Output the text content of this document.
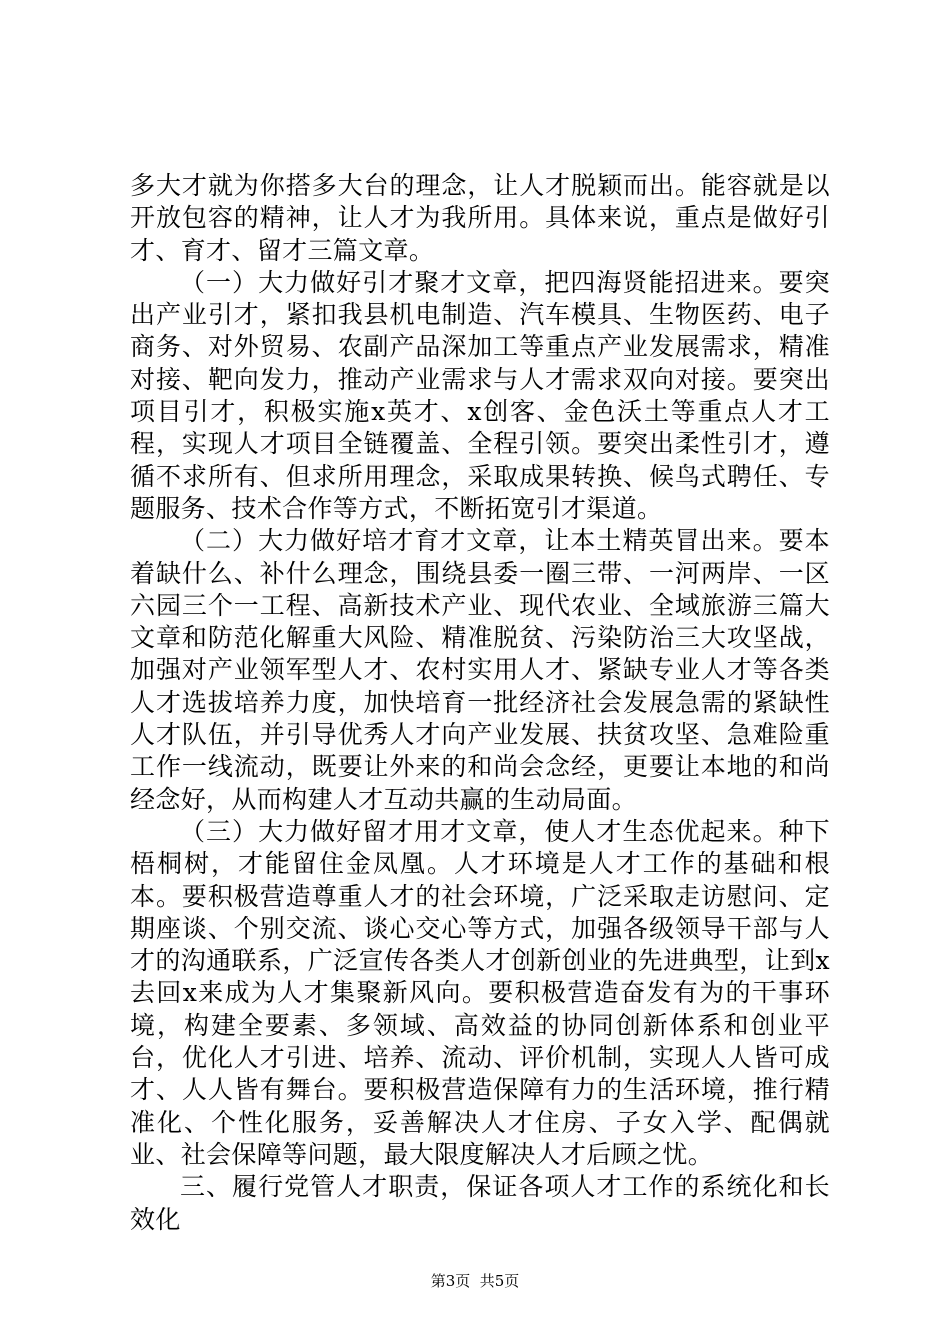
多大才就为你搭多大台的理念，让人才脱颖而出。能容就是以开放包容的精神，让人才为我所用。具体来说，重点是做好引才、育才、留才三篇文章。

（一）大力做好引才聚才文章，把四海贤能招进来。要突出产业引才，紧扣我县机电制造、汽车模具、生物医药、电子商务、对外贸易、农副产品深加工等重点产业发展需求，精准对接、靶向发力，推动产业需求与人才需求双向对接。要突出项目引才，积极实施x英才、x创客、金色沃土等重点人才工程，实现人才项目全链覆盖、全程引领。要突出柔性引才，遵循不求所有、但求所用理念，采取成果转换、候鸟式聘任、专题服务、技术合作等方式，不断拓宽引才渠道。

（二）大力做好培才育才文章，让本土精英冒出来。要本着缺什么、补什么理念，围绕县委一圈三带、一河两岸、一区六园三个一工程、高新技术产业、现代农业、全域旅游三篇大文章和防范化解重大风险、精准脱贫、污染防治三大攻坚战，加强对产业领军型人才、农村实用人才、紧缺专业人才等各类人才选拔培养力度，加快培育一批经济社会发展急需的紧缺性人才队伍，并引导优秀人才向产业发展、扶贫攻坚、急难险重工作一线流动，既要让外来的和尚会念经，更要让本地的和尚经念好，从而构建人才互动共赢的生动局面。

（三）大力做好留才用才文章，使人才生态优起来。种下梧桐树，才能留住金凤凰。人才环境是人才工作的基础和根本。要积极营造尊重人才的社会环境，广泛采取走访慰问、定期座谈、个别交流、谈心交心等方式，加强各级领导干部与人才的沟通联系，广泛宣传各类人才创新创业的先进典型，让到x去回x来成为人才集聚新风向。要积极营造奋发有为的干事环境，构建全要素、多领域、高效益的协同创新体系和创业平台，优化人才引进、培养、流动、评价机制，实现人人皆可成才、人人皆有舞台。要积极营造保障有力的生活环境，推行精准化、个性化服务，妥善解决人才住房、子女入学、配偶就业、社会保障等问题，最大限度解决人才后顾之忧。

三、履行党管人才职责，保证各项人才工作的系统化和长效化

第3页  共5页
